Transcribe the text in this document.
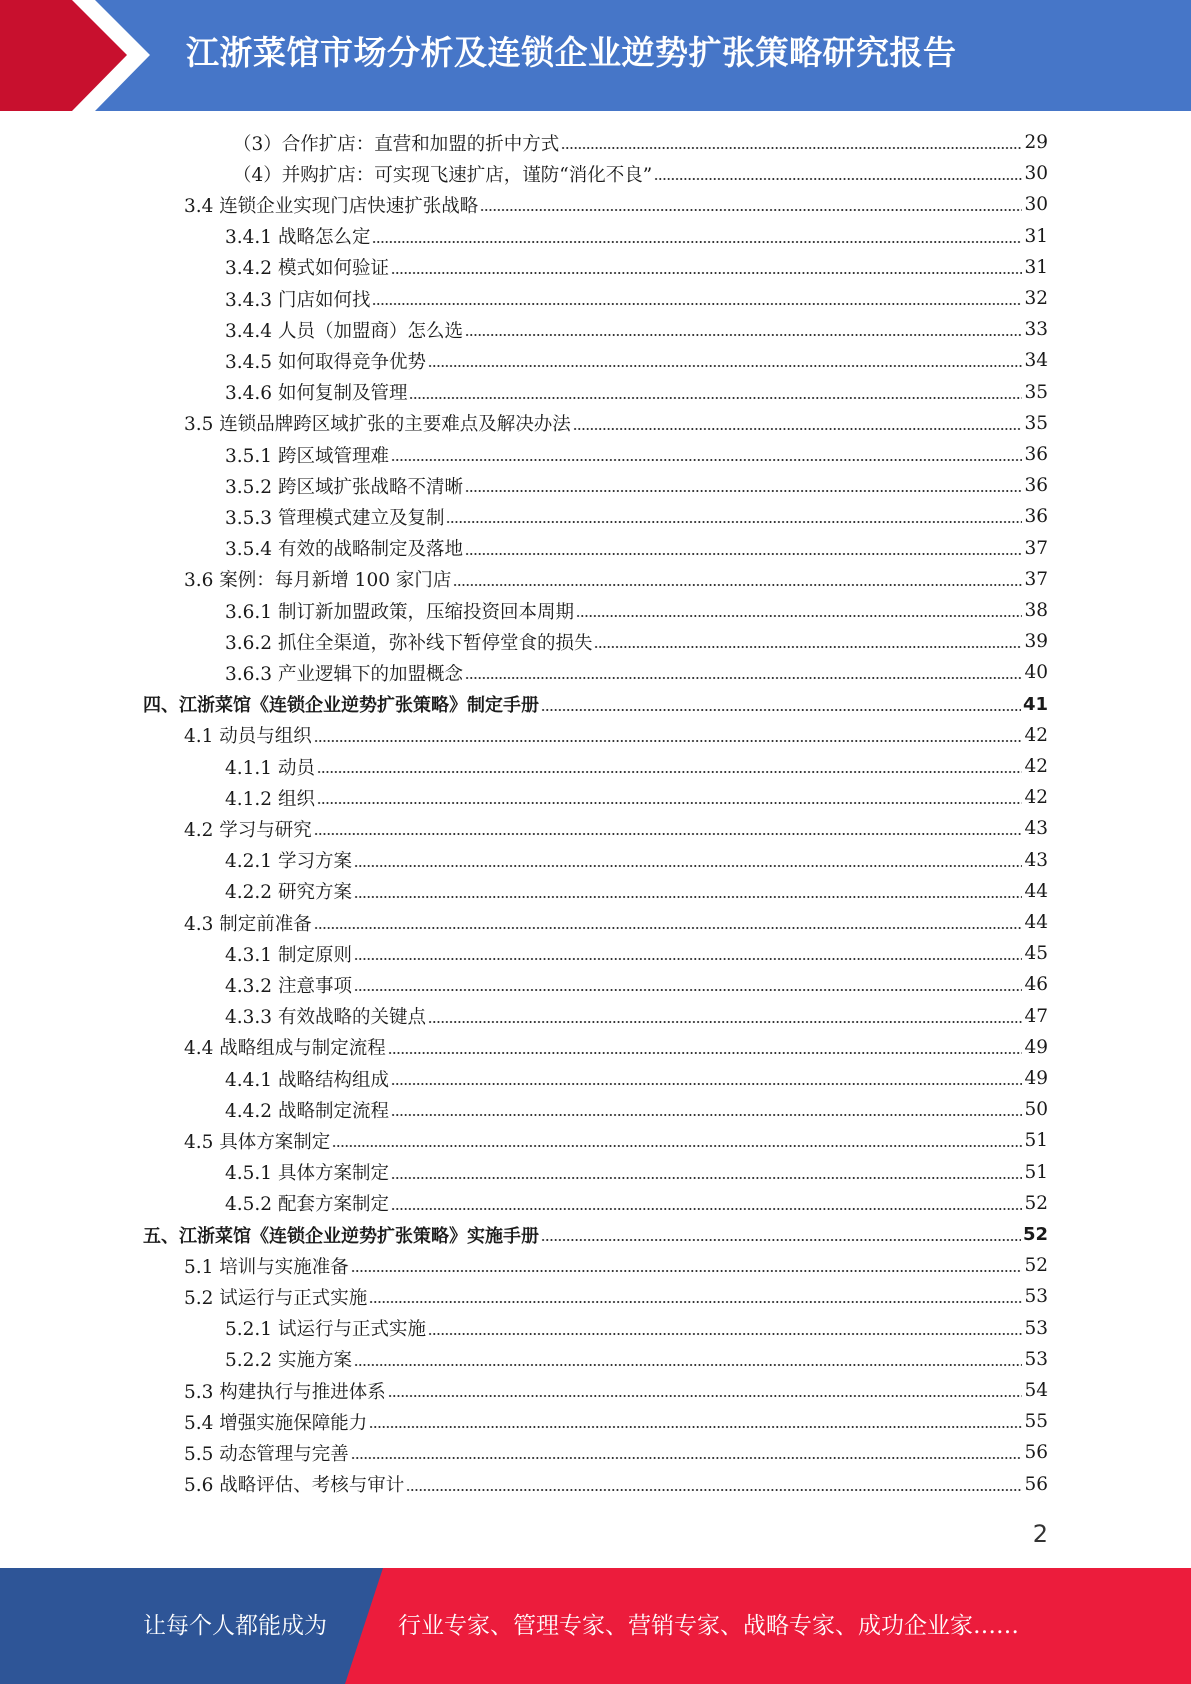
江浙菜馆市场分析及连锁企业逆势扩张策略研究报告
（3）合作扩店：直营和加盟的折中方式	29
（4）并购扩店：可实现飞速扩店，谨防“消化不良”	30
3.4 连锁企业实现门店快速扩张战略	30
3.4.1 战略怎么定	31
3.4.2 模式如何验证	31
3.4.3 门店如何找	32
3.4.4 人员（加盟商）怎么选	33
3.4.5 如何取得竞争优势	34
3.4.6 如何复制及管理	35
3.5 连锁品牌跨区域扩张的主要难点及解决办法	35
3.5.1 跨区域管理难	36
3.5.2 跨区域扩张战略不清晰	36
3.5.3 管理模式建立及复制	36
3.5.4 有效的战略制定及落地	37
3.6 案例：每月新增 100 家门店	37
3.6.1 制订新加盟政策，压缩投资回本周期	38
3.6.2 抓住全渠道，弥补线下暂停堂食的损失	39
3.6.3 产业逻辑下的加盟概念	40
四、江浙菜馆《连锁企业逆势扩张策略》制定手册	41
4.1 动员与组织	42
4.1.1 动员	42
4.1.2 组织	42
4.2 学习与研究	43
4.2.1 学习方案	43
4.2.2 研究方案	44
4.3 制定前准备	44
4.3.1 制定原则	45
4.3.2 注意事项	46
4.3.3 有效战略的关键点	47
4.4 战略组成与制定流程	49
4.4.1 战略结构组成	49
4.4.2 战略制定流程	50
4.5 具体方案制定	51
4.5.1 具体方案制定	51
4.5.2 配套方案制定	52
五、江浙菜馆《连锁企业逆势扩张策略》实施手册	52
5.1 培训与实施准备	52
5.2 试运行与正式实施	53
5.2.1 试运行与正式实施	53
5.2.2 实施方案	53
5.3 构建执行与推进体系	54
5.4 增强实施保障能力	55
5.5 动态管理与完善	56
5.6 战略评估、考核与审计	56
2
让每个人都能成为	行业专家、管理专家、营销专家、战略专家、成功企业家……
